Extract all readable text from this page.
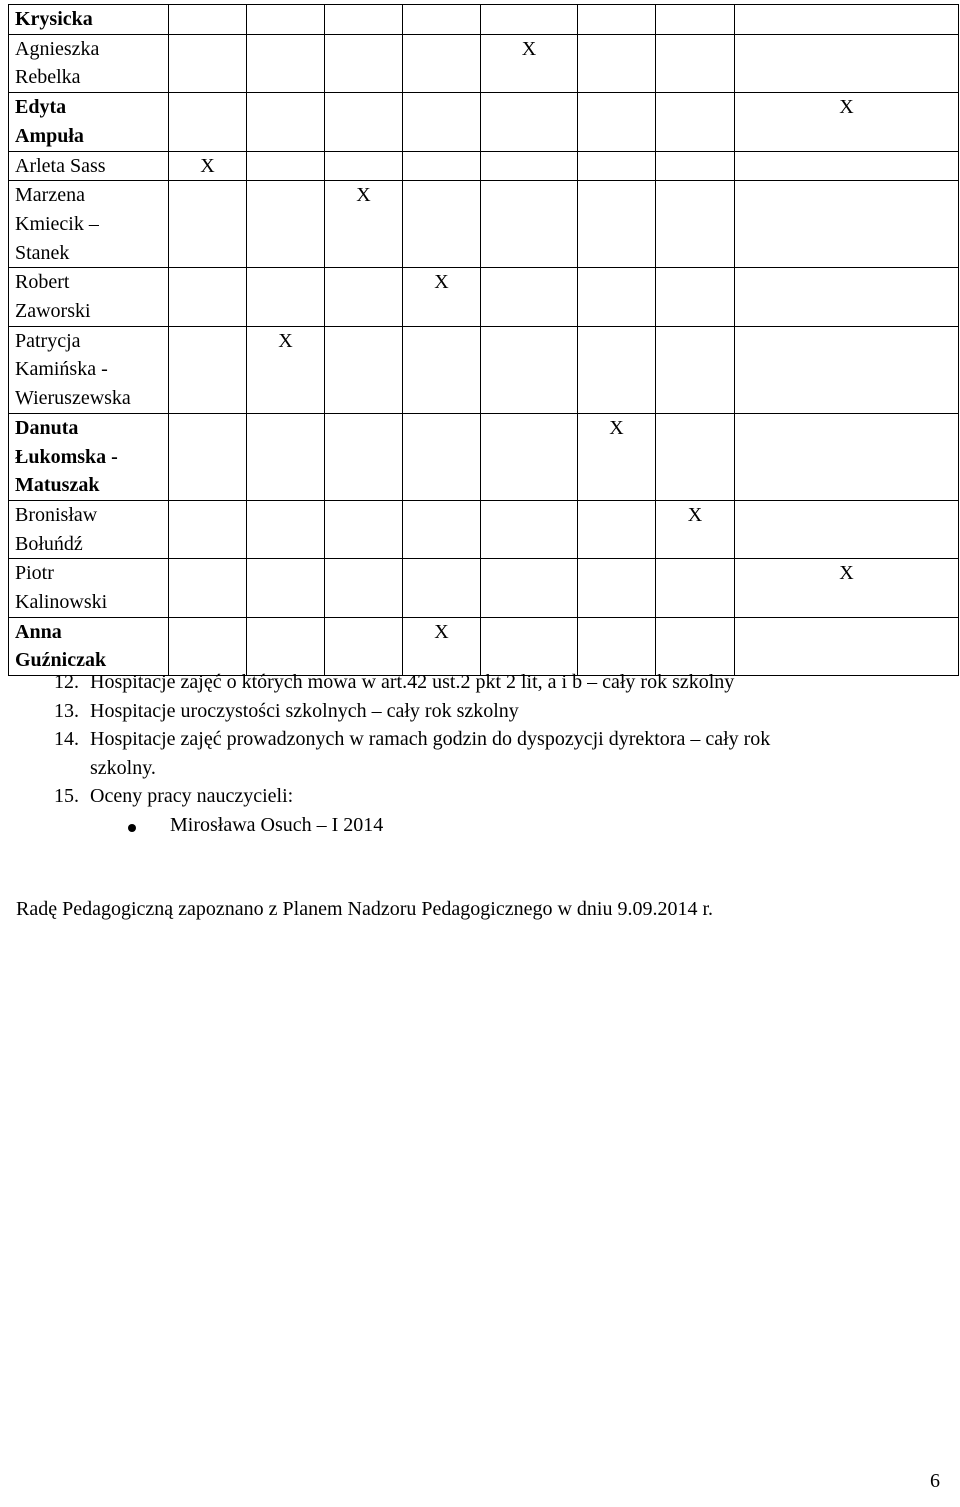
Krysicka								

Agnieszka
Rebelka					X			

Edyta
Ampuła								X

Arleta Sass	X							

Marzena
Kmiecik –
Stanek			X					

Robert
Zaworski				X				

Patrycja
Kamińska -
Wieruszewska		X						

Danuta
Łukomska -
Matuszak						X		

Bronisław
Bołuńdź							X	

Piotr
Kalinowski								X

Anna
Guźniczak				X				
12. Hospitacje zajęć o których mowa w art.42 ust.2 pkt 2 lit, a i b – cały rok szkolny
13. Hospitacje uroczystości szkolnych – cały rok szkolny
14. Hospitacje zajęć prowadzonych w ramach godzin do dyspozycji dyrektora – cały rok
szkolny.
15. Oceny pracy nauczycieli:
Mirosława Osuch – I 2014
Radę Pedagogiczną zapoznano z Planem Nadzoru Pedagogicznego w dniu 9.09.2014 r.
6
